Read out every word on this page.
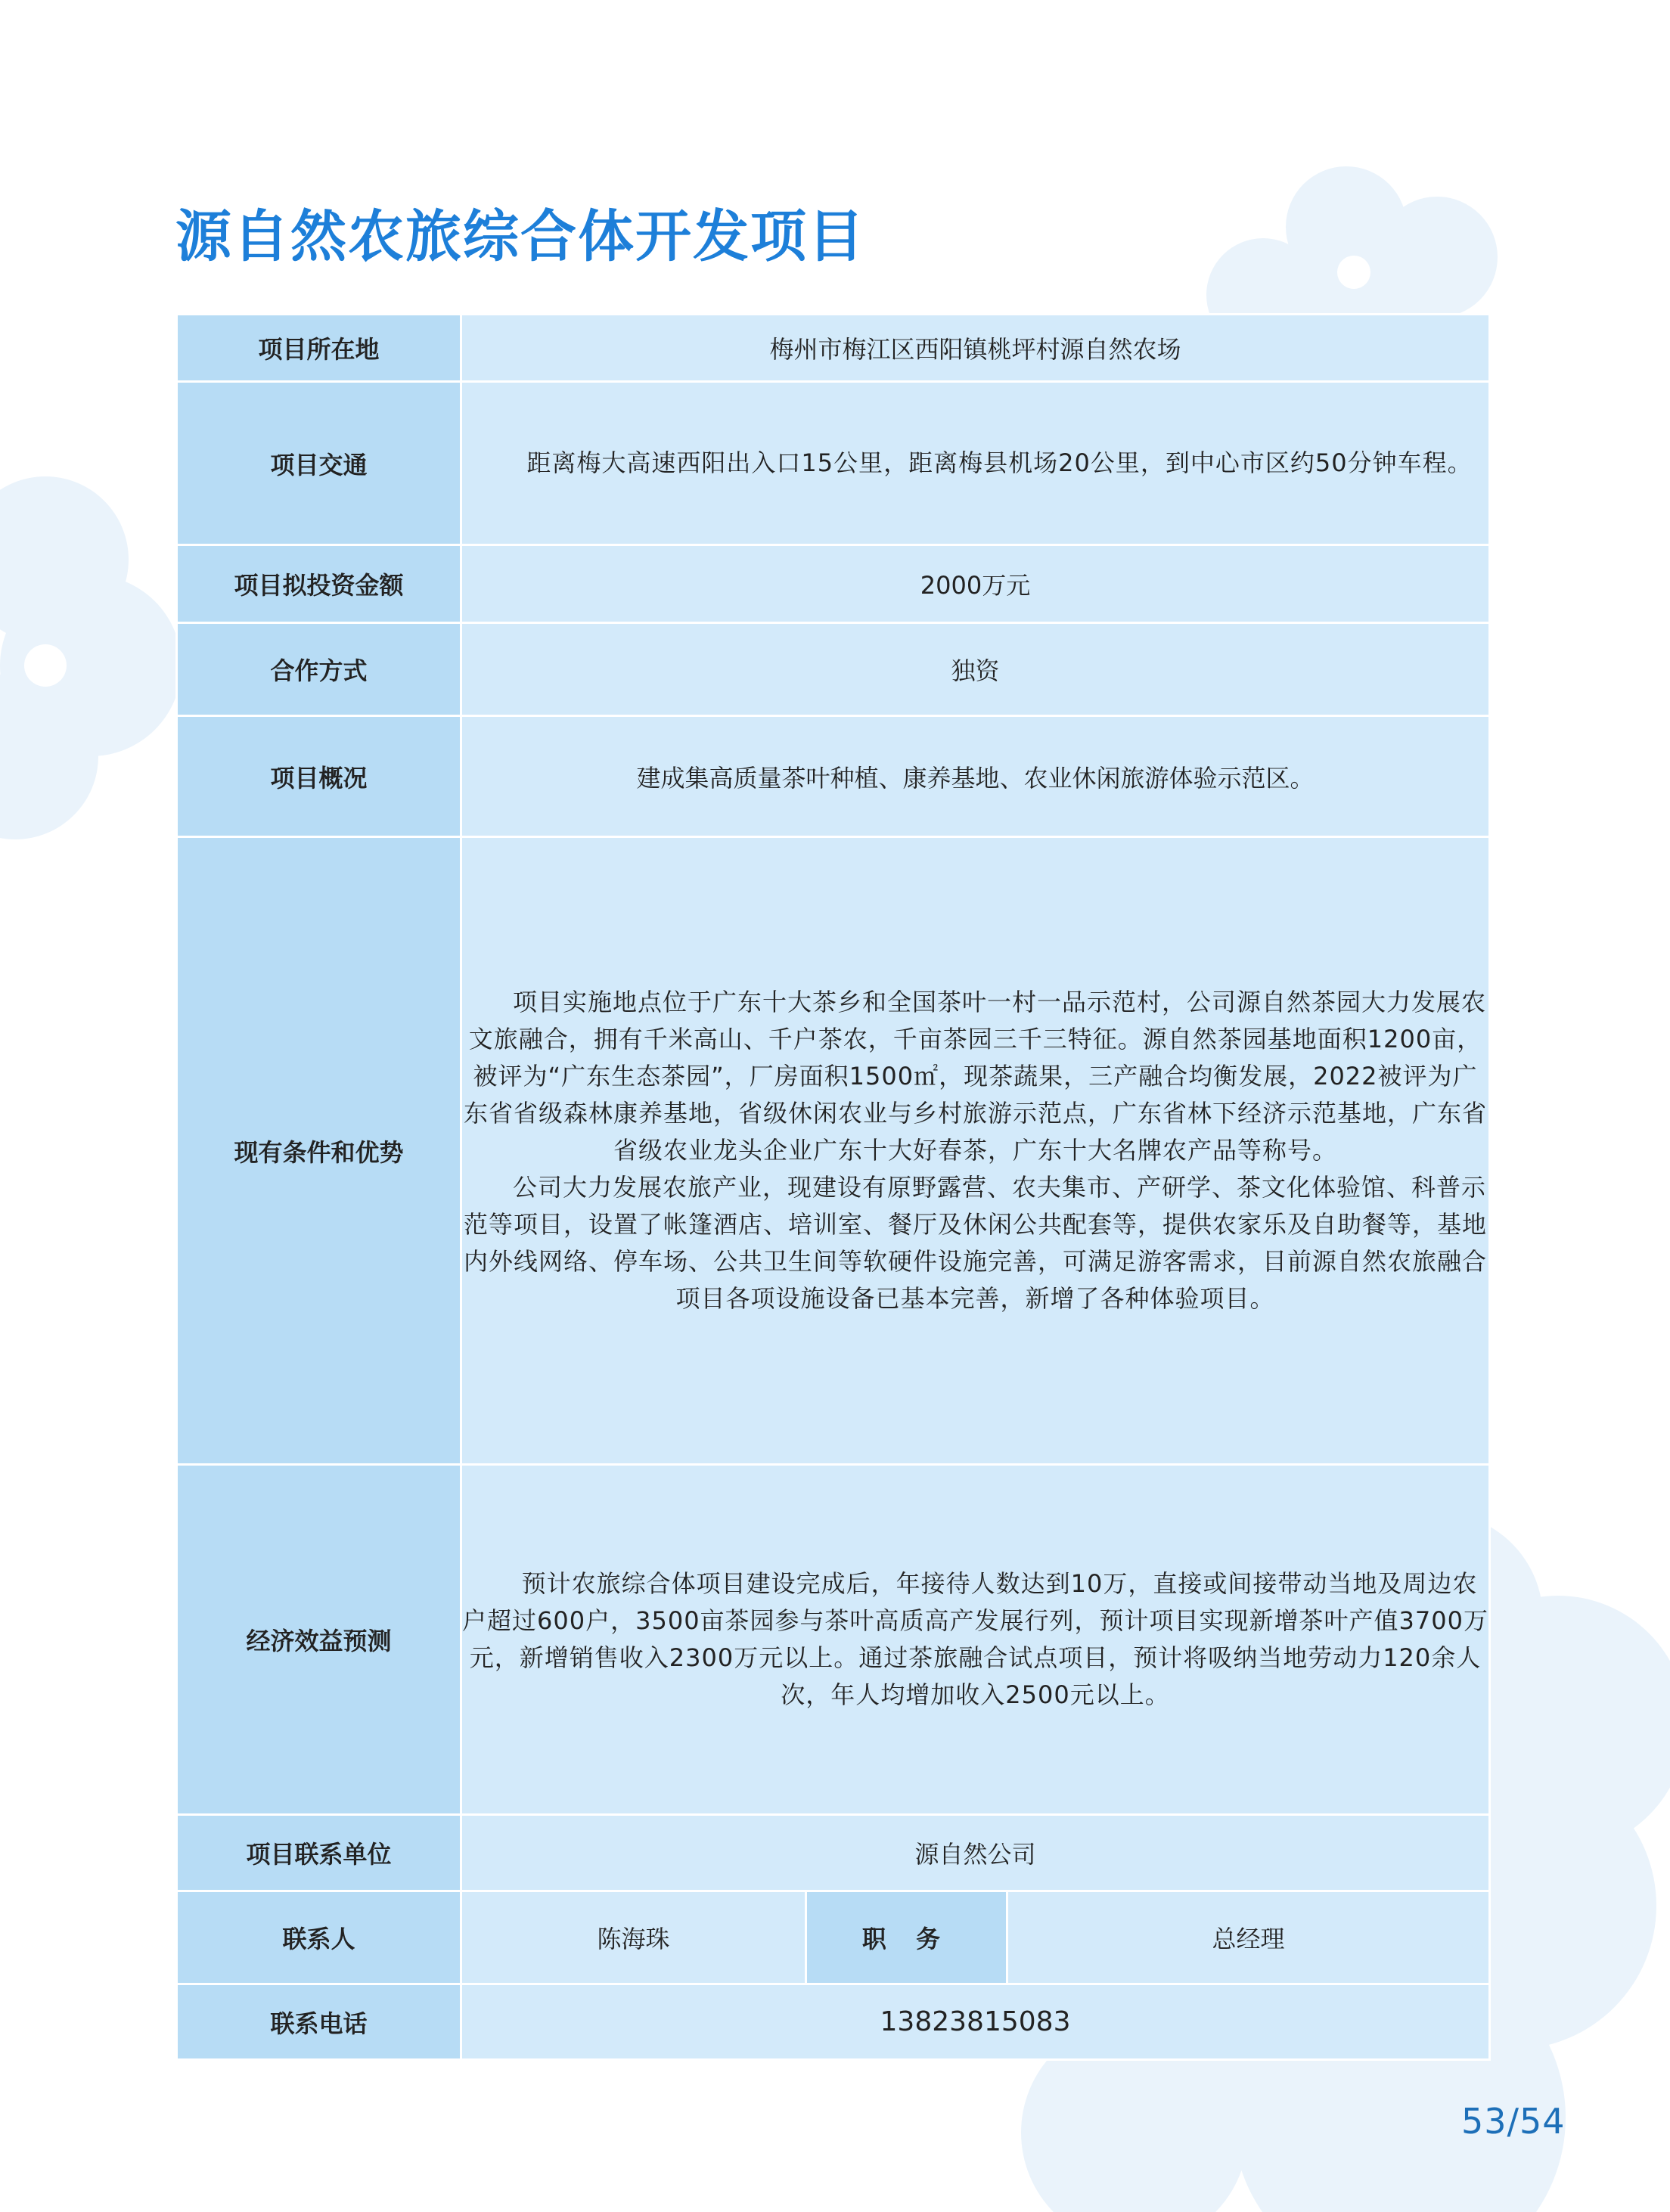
源自然农旅综合体开发项目
项目所在地	梅州市梅江区西阳镇桃坪村源自然农场		
项目交通	距离梅大高速西阳出入口15公里，距离梅县机场20公里，到中心市区约50分钟车程。		

项目拟投资金额	2000万元		
合作方式	独资		
项目概况	建成集高质量茶叶种植、康养基地、农业休闲旅游体验示范区。		
现有条件和优势	项目实施地点位于广东十大茶乡和全国茶叶一村一品示范村，公司源自然茶园大力发展农文旅融合，拥有千米高山、千户茶农，千亩茶园三千三特征。源自然茶园基地面积1200亩，被评为“广东生态茶园”，厂房面积1500㎡，现茶蔬果，三产融合均衡发展，2022被评为广东省省级森林康养基地，省级休闲农业与乡村旅游示范点，广东省林下经济示范基地，广东省省级农业龙头企业广东十大好春茶，广东十大名牌农产品等称号。

公司大力发展农旅产业，现建设有原野露营、农夫集市、产研学、茶文化体验馆、科普示范等项目，设置了帐篷酒店、培训室、餐厅及休闲公共配套等，提供农家乐及自助餐等，基地内外线网络、停车场、公共卫生间等软硬件设施完善，可满足游客需求，目前源自然农旅融合项目各项设施设备已基本完善，新增了各种体验项目。		

经济效益预测	预计农旅综合体项目建设完成后，年接待人数达到10万，直接或间接带动当地及周边农户超过600户，3500亩茶园参与茶叶高质高产发展行列，预计项目实现新增茶叶产值3700万元，新增销售收入2300万元以上。通过茶旅融合试点项目，预计将吸纳当地劳动力120余人次，年人均增加收入2500元以上。		

项目联系单位	源自然公司		
联系人	陈海珠	职 务	总经理
联系电话	13823815083		
53/54
